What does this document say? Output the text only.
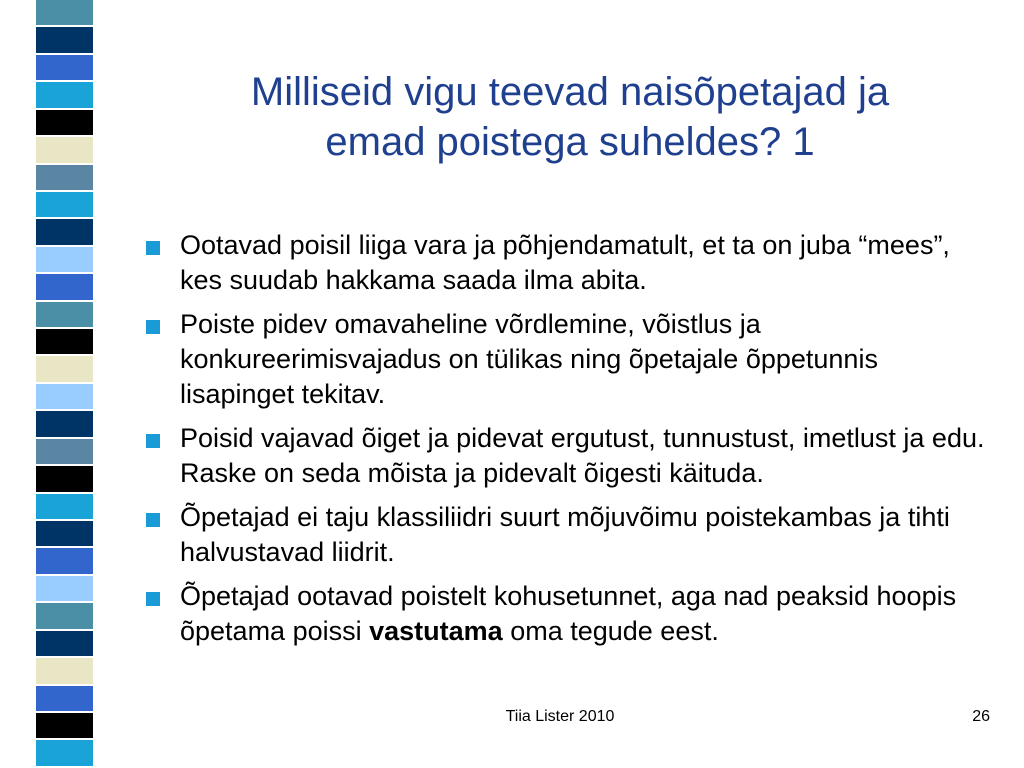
Milliseid vigu teevad naisõpetajad ja
emad poistega suheldes? 1
Ootavad poisil liiga vara ja põhjendamatult, et ta on juba “mees”, kes suudab hakkama saada ilma abita.
Poiste pidev omavaheline võrdlemine, võistlus ja konkureerimisvajadus on tülikas ning õpetajale õppetunnis lisapinget tekitav.
Poisid vajavad õiget ja pidevat ergutust, tunnustust, imetlust ja edu. Raske on seda mõista ja pidevalt õigesti käituda.
Õpetajad ei taju klassiliidri suurt mõjuvõimu poistekambas ja tihti halvustavad liidrit.
Õpetajad ootavad poistelt kohusetunnet, aga nad peaksid hoopis õpetama poissi vastutama oma tegude eest.
Tiia Lister 2010	26
